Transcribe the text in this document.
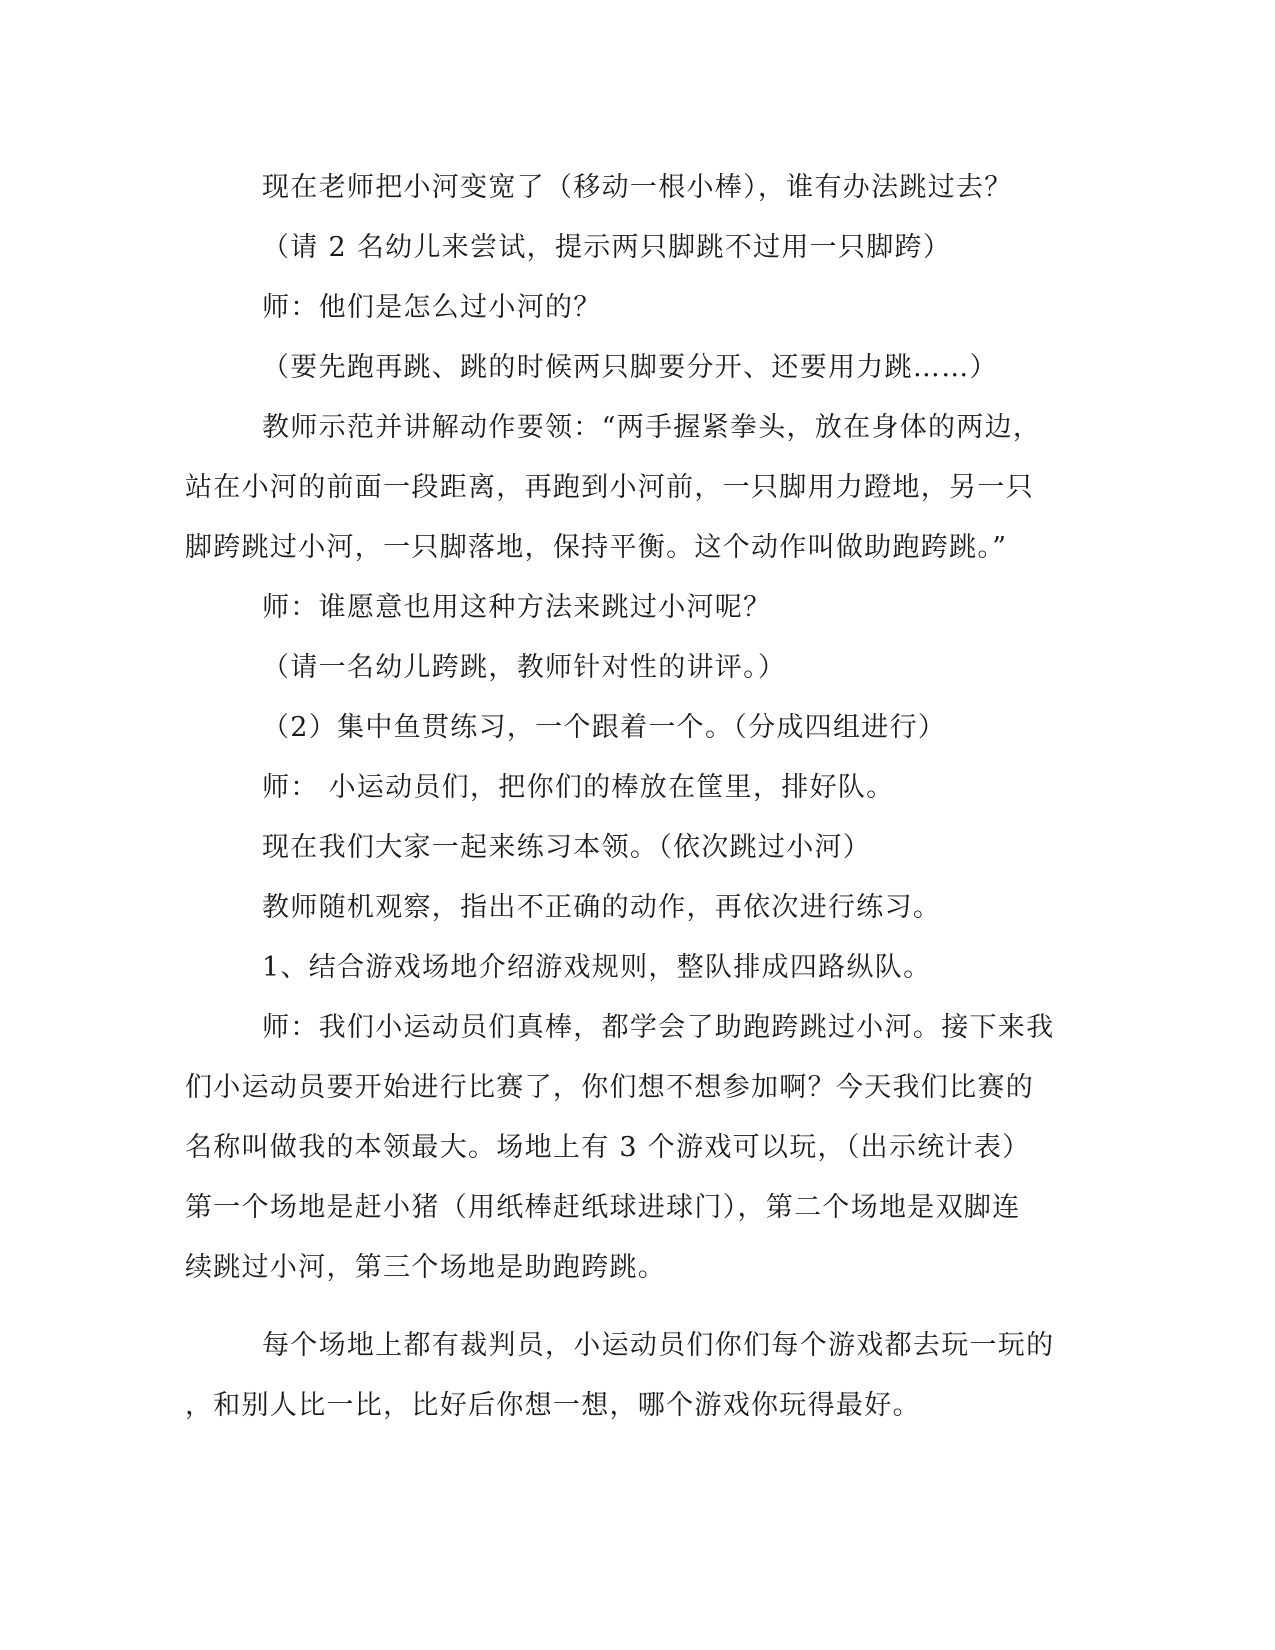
现在老师把小河变宽了（移动一根小棒），谁有办法跳过去？
（请 2 名幼儿来尝试，提示两只脚跳不过用一只脚跨）
师：他们是怎么过小河的？
（要先跑再跳、跳的时候两只脚要分开、还要用力跳……）
教师示范并讲解动作要领：“两手握紧拳头，放在身体的两边，
站在小河的前面一段距离，再跑到小河前，一只脚用力蹬地，另一只
脚跨跳过小河，一只脚落地，保持平衡。这个动作叫做助跑跨跳。”
师：谁愿意也用这种方法来跳过小河呢？
（请一名幼儿跨跳，教师针对性的讲评。）
（2）集中鱼贯练习，一个跟着一个。（分成四组进行）
师： 小运动员们，把你们的棒放在筐里，排好队。
现在我们大家一起来练习本领。（依次跳过小河）
教师随机观察，指出不正确的动作，再依次进行练习。
1、结合游戏场地介绍游戏规则，整队排成四路纵队。
师：我们小运动员们真棒，都学会了助跑跨跳过小河。接下来我
们小运动员要开始进行比赛了，你们想不想参加啊？今天我们比赛的
名称叫做我的本领最大。场地上有 3 个游戏可以玩，（出示统计表）
第一个场地是赶小猪（用纸棒赶纸球进球门），第二个场地是双脚连
续跳过小河，第三个场地是助跑跨跳。
每个场地上都有裁判员，小运动员们你们每个游戏都去玩一玩的
，和别人比一比，比好后你想一想，哪个游戏你玩得最好。
